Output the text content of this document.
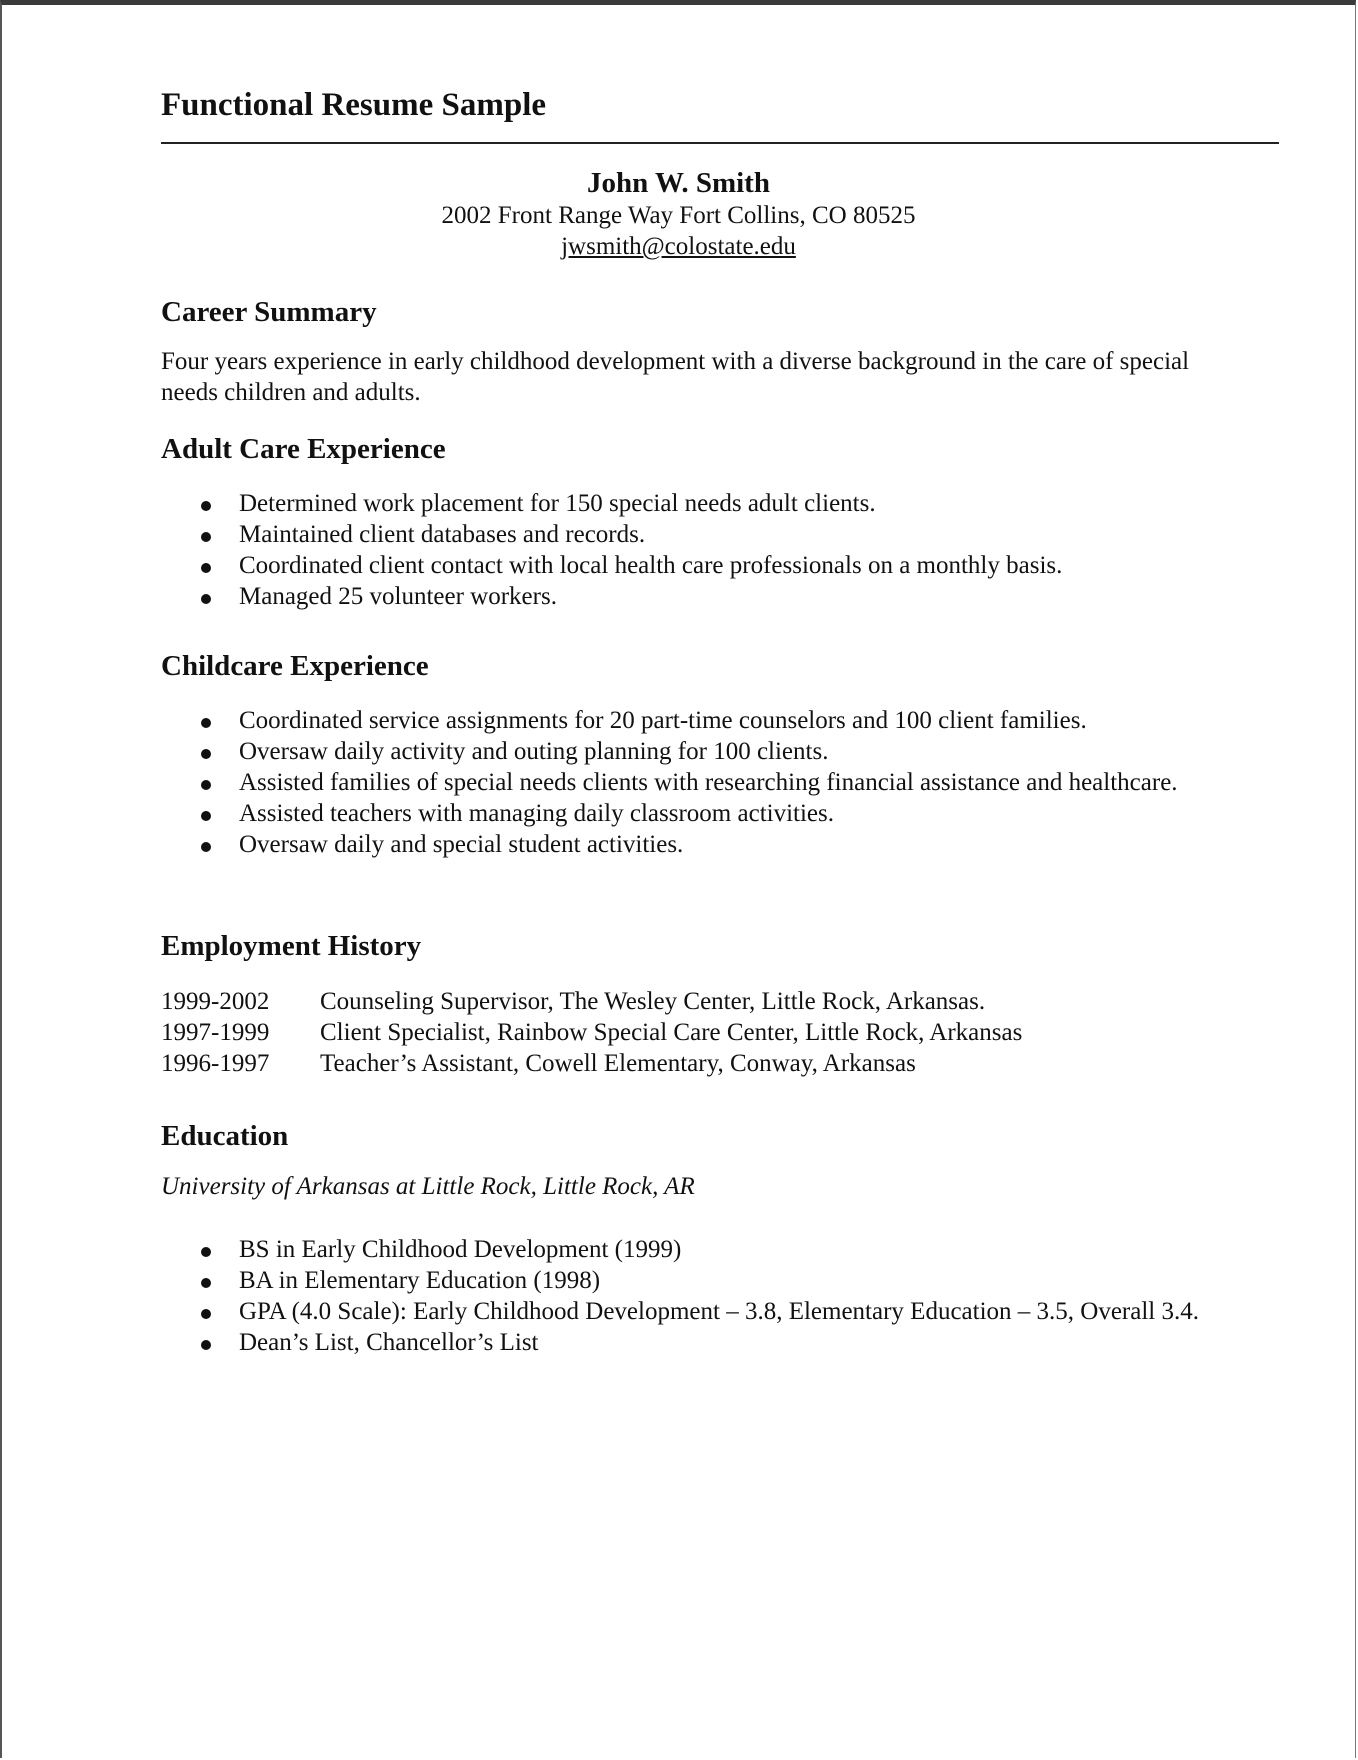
Functional Resume Sample

John W. Smith

2002 Front Range Way Fort Collins, CO 80525

jwsmith@colostate.edu
Career Summary

Four years experience in early childhood development with a diverse background in the care of special needs children and adults.

Adult Care Experience
Determined work placement for 150 special needs adult clients.
Maintained client databases and records.
Coordinated client contact with local health care professionals on a monthly basis.
Managed 25 volunteer workers.
Childcare Experience
Coordinated service assignments for 20 part-time counselors and 100 client families.
Oversaw daily activity and outing planning for 100 clients.
Assisted families of special needs clients with researching financial assistance and healthcare.
Assisted teachers with managing daily classroom activities.
Oversaw daily and special student activities.
Employment History
1999-2002	Counseling Supervisor, The Wesley Center, Little Rock, Arkansas.
1997-1999	Client Specialist, Rainbow Special Care Center, Little Rock, Arkansas
1996-1997	Teacher’s Assistant, Cowell Elementary, Conway, Arkansas
Education

University of Arkansas at Little Rock, Little Rock, AR

BS in Early Childhood Development (1999)
BA in Elementary Education (1998)
GPA (4.0 Scale): Early Childhood Development – 3.8, Elementary Education – 3.5, Overall 3.4.
Dean’s List, Chancellor’s List
